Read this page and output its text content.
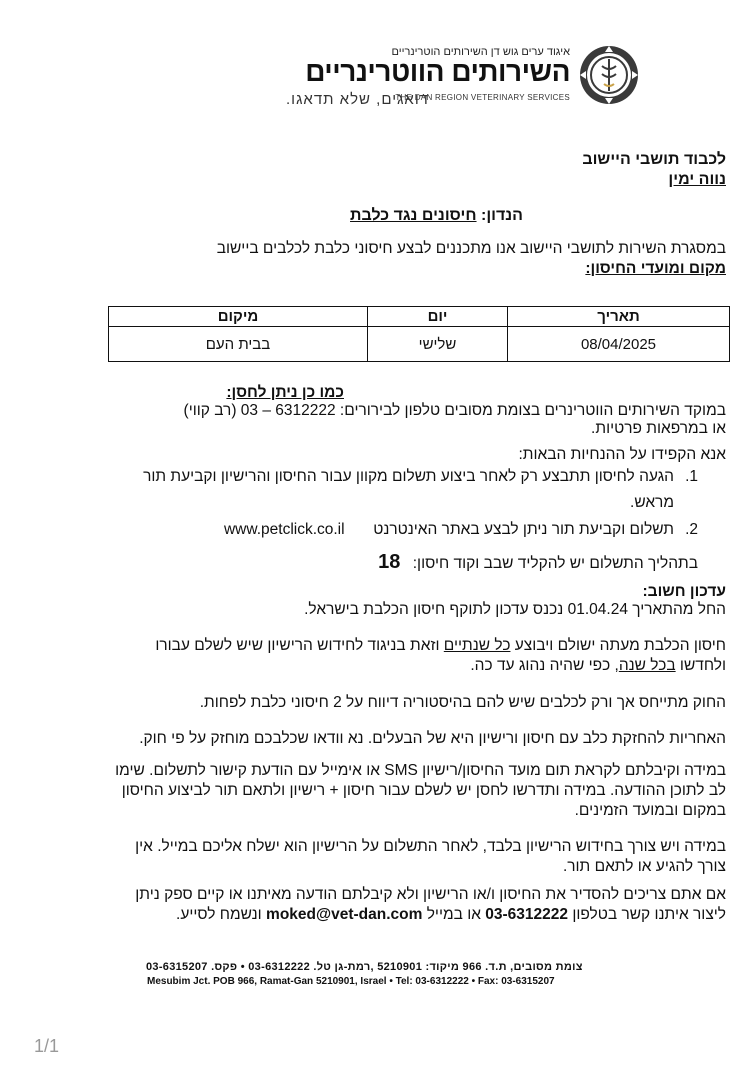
איגוד ערים גוש דן השירותים הוטרינריים
השירותים הווטרינריים
THE DAN REGION VETERINARY SERVICES
דואגים, שלא תדאגו.
לכבוד תושבי היישוב
נווה ימין
הנדון: חיסונים נגד כלבת
במסגרת השירות לתושבי היישוב אנו מתכננים לבצע חיסוני כלבת לכלבים ביישוב
מקום ומועדי החיסון:
תאריך	יום	מיקום
08/04/2025	שלישי	בבית העם
כמו כן ניתן לחסן:
במוקד השירותים הווטרינרים בצומת מסובים טלפון לבירורים: 6312222 – 03 (רב קווי)
או במרפאות פרטיות.
אנא הקפידו על ההנחיות הבאות:
1.
הגעה לחיסון תתבצע רק לאחר ביצוע תשלום מקוון עבור החיסון והרישיון וקביעת תור
מראש.
2.
תשלום וקביעת תור ניתן לבצע באתר האינטרנט  www.petclick.co.il
בתהליך התשלום יש להקליד שבב וקוד חיסון: 18
עדכון חשוב:
החל מהתאריך 01.04.24 נכנס עדכון לתוקף חיסון הכלבת בישראל.
חיסון הכלבת מעתה ישולם ויבוצע כל שנתיים וזאת בניגוד לחידוש הרישיון שיש לשלם עבורו
ולחדשו בכל שנה, כפי שהיה נהוג עד כה.
החוק מתייחס אך ורק לכלבים שיש להם בהיסטוריה דיווח על 2 חיסוני כלבת לפחות.
האחריות להחזקת כלב עם חיסון ורישיון היא של הבעלים. נא וודאו שכלבכם מוחזק על פי חוק.
במידה וקיבלתם לקראת תום מועד החיסון/רישיון SMS או אימייל עם הודעת קישור לתשלום. שימו
לב לתוכן ההודעה. במידה ותדרשו לחסן יש לשלם עבור חיסון + רישיון ולתאם תור לביצוע החיסון
במקום ובמועד הזמינים.
במידה ויש צורך בחידוש הרישיון בלבד, לאחר התשלום על הרישיון הוא ישלח אליכם במייל. אין
צורך להגיע או לתאם תור.
אם אתם צריכים להסדיר את החיסון ו/או הרישיון ולא קיבלתם הודעה מאיתנו או קיים ספק ניתן
ליצור איתנו קשר בטלפון 03-6312222 או במייל moked@vet-dan.com ונשמח לסייע.
צומת מסובים, ת.ד. 966 מיקוד: 5210901 ,רמת-גן טל. 03-6312222 • פקס. 03-6315207
Mesubim Jct. POB 966, Ramat-Gan 5210901, Israel • Tel: 03-6312222 • Fax: 03-6315207
1/1
